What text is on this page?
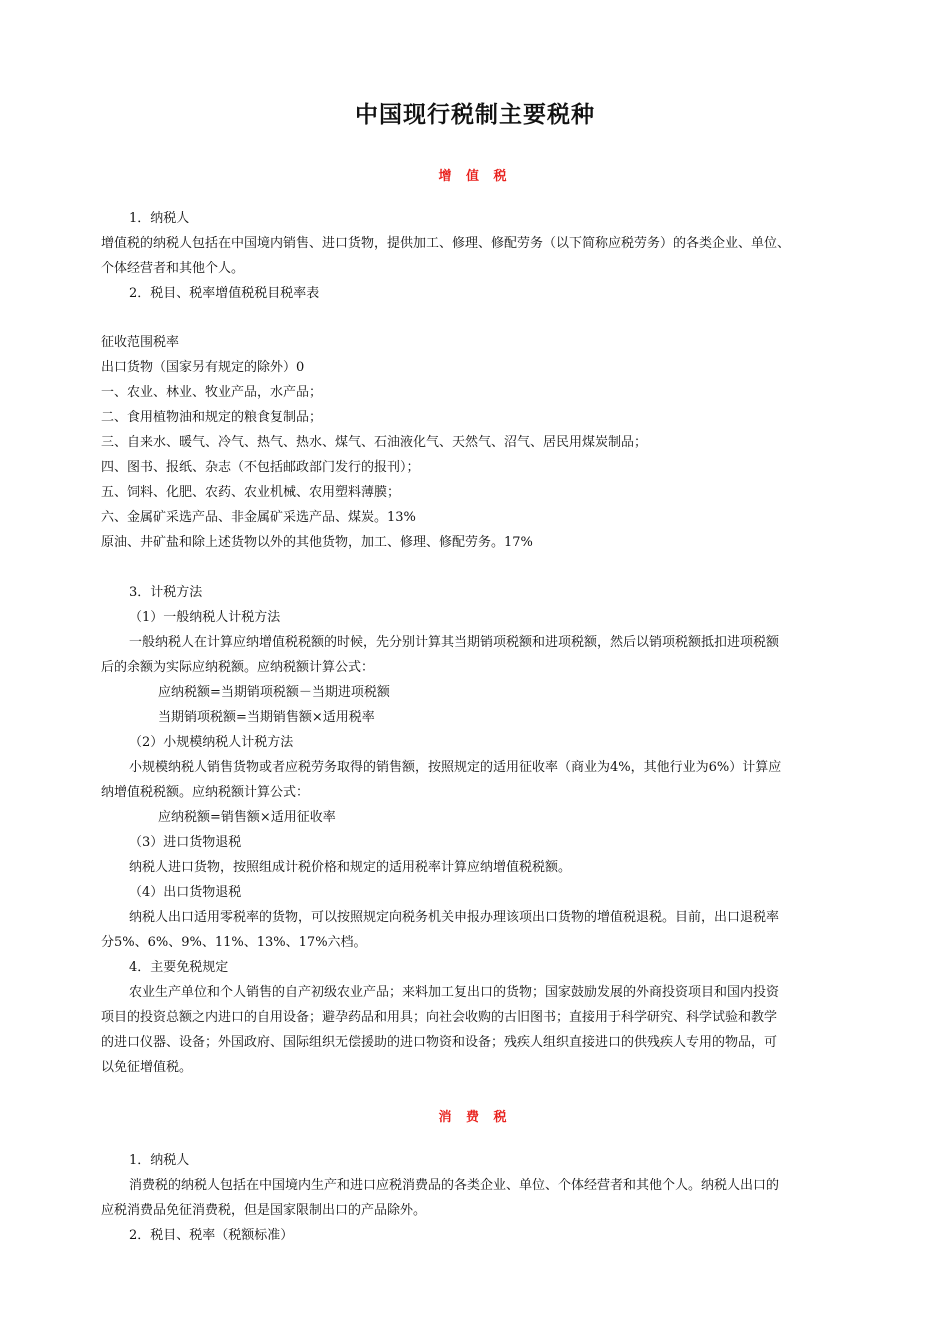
中国现行税制主要税种
增 值 税
1．纳税人
增值税的纳税人包括在中国境内销售、进口货物，提供加工、修理、修配劳务（以下简称应税劳务）的各类企业、单位、
个体经营者和其他个人。
2．税目、税率增值税税目税率表
征收范围税率
出口货物（国家另有规定的除外）0
一、农业、林业、牧业产品，水产品；
二、食用植物油和规定的粮食复制品；
三、自来水、暖气、冷气、热气、热水、煤气、石油液化气、天然气、沼气、居民用煤炭制品；
四、图书、报纸、杂志（不包括邮政部门发行的报刊）；
五、饲料、化肥、农药、农业机械、农用塑料薄膜；
六、金属矿采选产品、非金属矿采选产品、煤炭。13%
原油、井矿盐和除上述货物以外的其他货物，加工、修理、修配劳务。17%
3．计税方法
（1）一般纳税人计税方法
一般纳税人在计算应纳增值税税额的时候，先分别计算其当期销项税额和进项税额，然后以销项税额抵扣进项税额
后的余额为实际应纳税额。应纳税额计算公式：
应纳税额=当期销项税额－当期进项税额
当期销项税额=当期销售额×适用税率
（2）小规模纳税人计税方法
小规模纳税人销售货物或者应税劳务取得的销售额，按照规定的适用征收率（商业为4%，其他行业为6%）计算应
纳增值税税额。应纳税额计算公式：
应纳税额=销售额×适用征收率
（3）进口货物退税
纳税人进口货物，按照组成计税价格和规定的适用税率计算应纳增值税税额。
（4）出口货物退税
纳税人出口适用零税率的货物，可以按照规定向税务机关申报办理该项出口货物的增值税退税。目前，出口退税率
分5%、6%、9%、11%、13%、17%六档。
4．主要免税规定
农业生产单位和个人销售的自产初级农业产品；来料加工复出口的货物；国家鼓励发展的外商投资项目和国内投资
项目的投资总额之内进口的自用设备；避孕药品和用具；向社会收购的古旧图书；直接用于科学研究、科学试验和教学
的进口仪器、设备；外国政府、国际组织无偿援助的进口物资和设备；残疾人组织直接进口的供残疾人专用的物品，可
以免征增值税。
消 费 税
1．纳税人
消费税的纳税人包括在中国境内生产和进口应税消费品的各类企业、单位、个体经营者和其他个人。纳税人出口的
应税消费品免征消费税，但是国家限制出口的产品除外。
2．税目、税率（税额标准）
